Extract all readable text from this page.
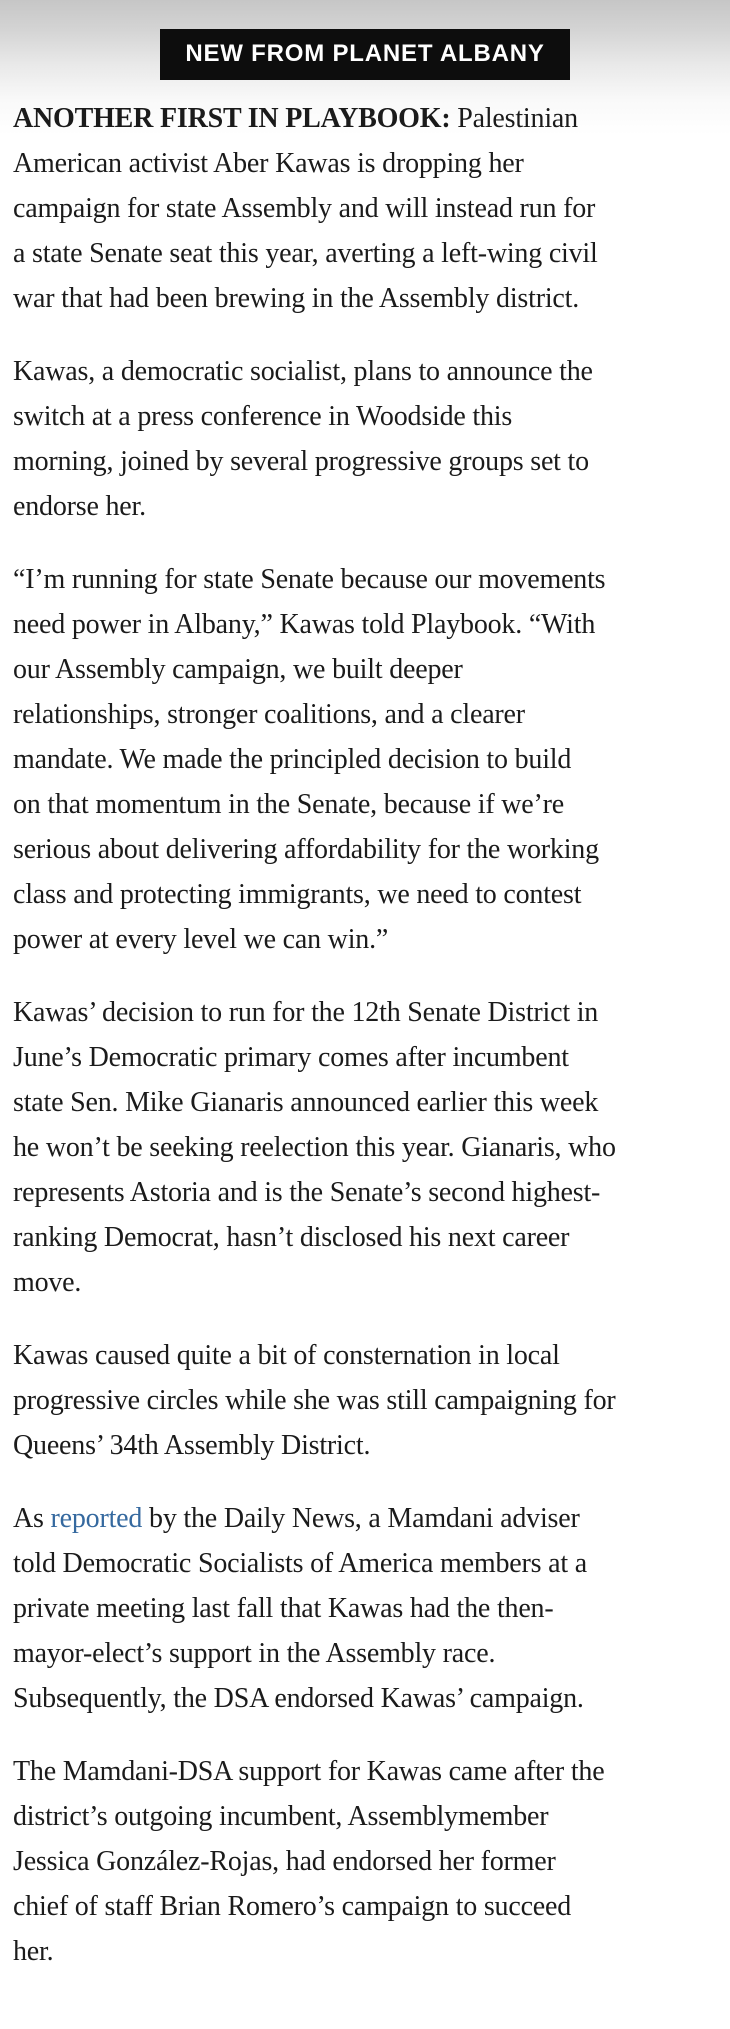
NEW FROM PLANET ALBANY

ANOTHER FIRST IN PLAYBOOK: Palestinian
American activist Aber Kawas is dropping her
campaign for state Assembly and will instead run for
a state Senate seat this year, averting a left-wing civil
war that had been brewing in the Assembly district.

Kawas, a democratic socialist, plans to announce the
switch at a press conference in Woodside this
morning, joined by several progressive groups set to
endorse her.

“I’m running for state Senate because our movements
need power in Albany,” Kawas told Playbook. “With
our Assembly campaign, we built deeper
relationships, stronger coalitions, and a clearer
mandate. We made the principled decision to build
on that momentum in the Senate, because if we’re
serious about delivering affordability for the working
class and protecting immigrants, we need to contest
power at every level we can win.”

Kawas’ decision to run for the 12th Senate District in
June’s Democratic primary comes after incumbent
state Sen. Mike Gianaris announced earlier this week
he won’t be seeking reelection this year. Gianaris, who
represents Astoria and is the Senate’s second highest-
ranking Democrat, hasn’t disclosed his next career
move.

Kawas caused quite a bit of consternation in local
progressive circles while she was still campaigning for
Queens’ 34th Assembly District.

As reported by the Daily News, a Mamdani adviser
told Democratic Socialists of America members at a
private meeting last fall that Kawas had the then-
mayor-elect’s support in the Assembly race.
Subsequently, the DSA endorsed Kawas’ campaign.

The Mamdani-DSA support for Kawas came after the
district’s outgoing incumbent, Assemblymember
Jessica González-Rojas, had endorsed her former
chief of staff Brian Romero’s campaign to succeed
her.
